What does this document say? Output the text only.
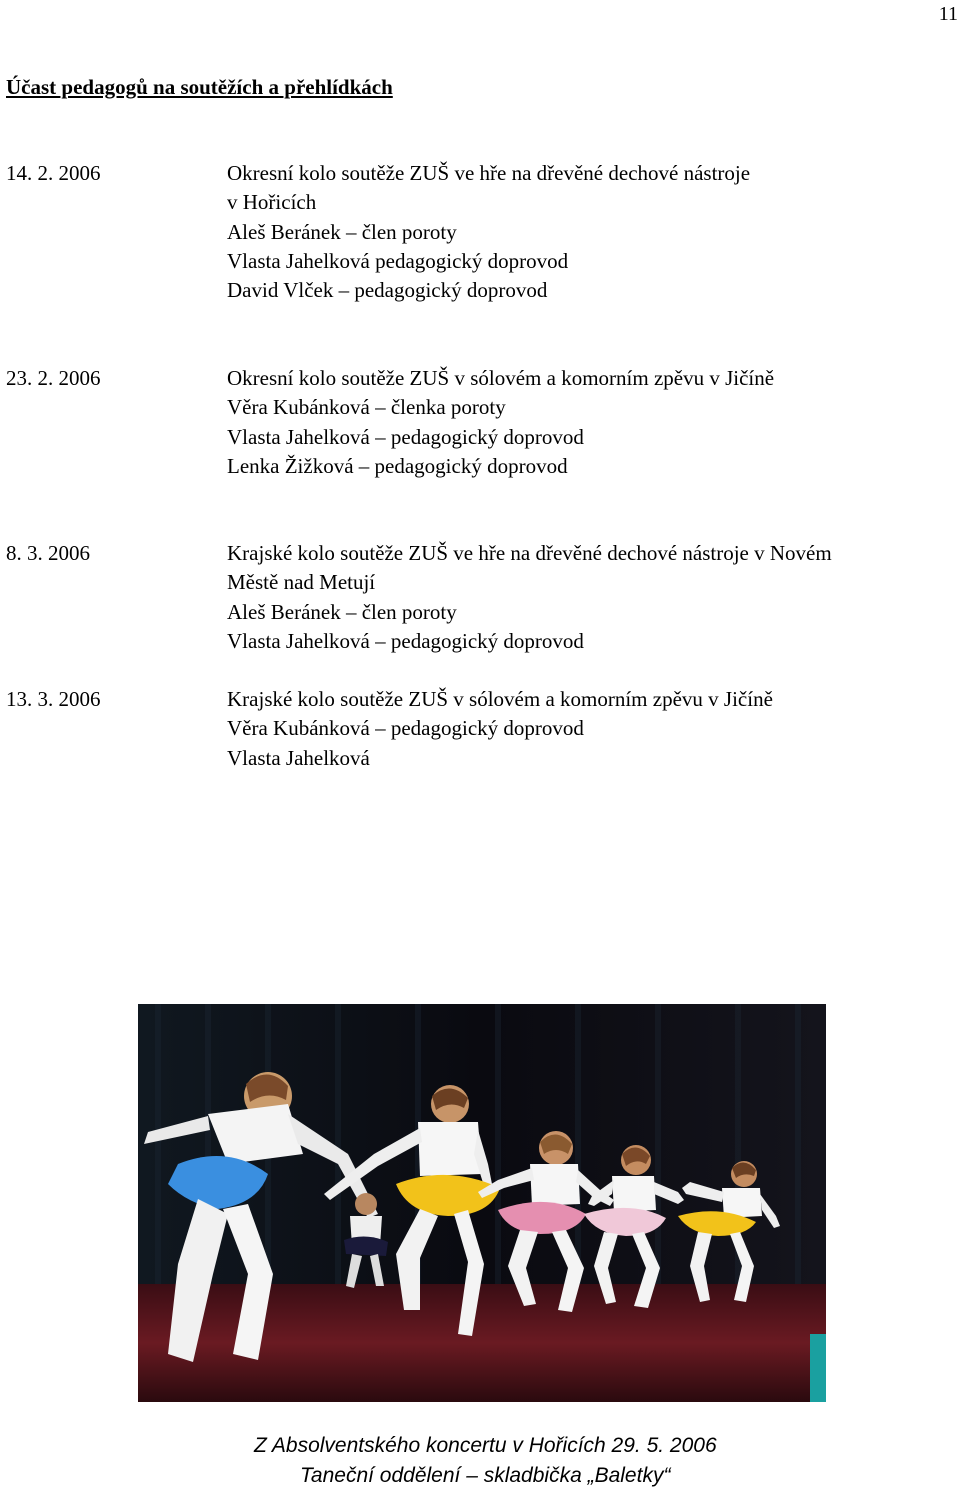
11
Účast pedagogů na soutěžích a přehlídkách
14. 2. 2006	Okresní kolo soutěže ZUŠ ve hře na dřevěné dechové nástroje
v Hořicích
Aleš Beránek – člen poroty
Vlasta Jahelková pedagogický doprovod
David Vlček – pedagogický doprovod
23. 2. 2006	Okresní kolo soutěže ZUŠ v sólovém a komorním zpěvu v Jičíně
Věra Kubánková – členka poroty
Vlasta Jahelková – pedagogický doprovod
Lenka Žižková – pedagogický doprovod
8. 3. 2006	Krajské kolo soutěže ZUŠ ve hře na dřevěné dechové nástroje v Novém
Městě nad Metují
Aleš Beránek – člen poroty
Vlasta Jahelková – pedagogický doprovod
13. 3. 2006	Krajské kolo soutěže ZUŠ v sólovém a komorním zpěvu v Jičíně
Věra Kubánková – pedagogický doprovod
Vlasta Jahelková
Z Absolventského koncertu v Hořicích 29. 5. 2006
Taneční oddělení – skladbička „Baletky“
